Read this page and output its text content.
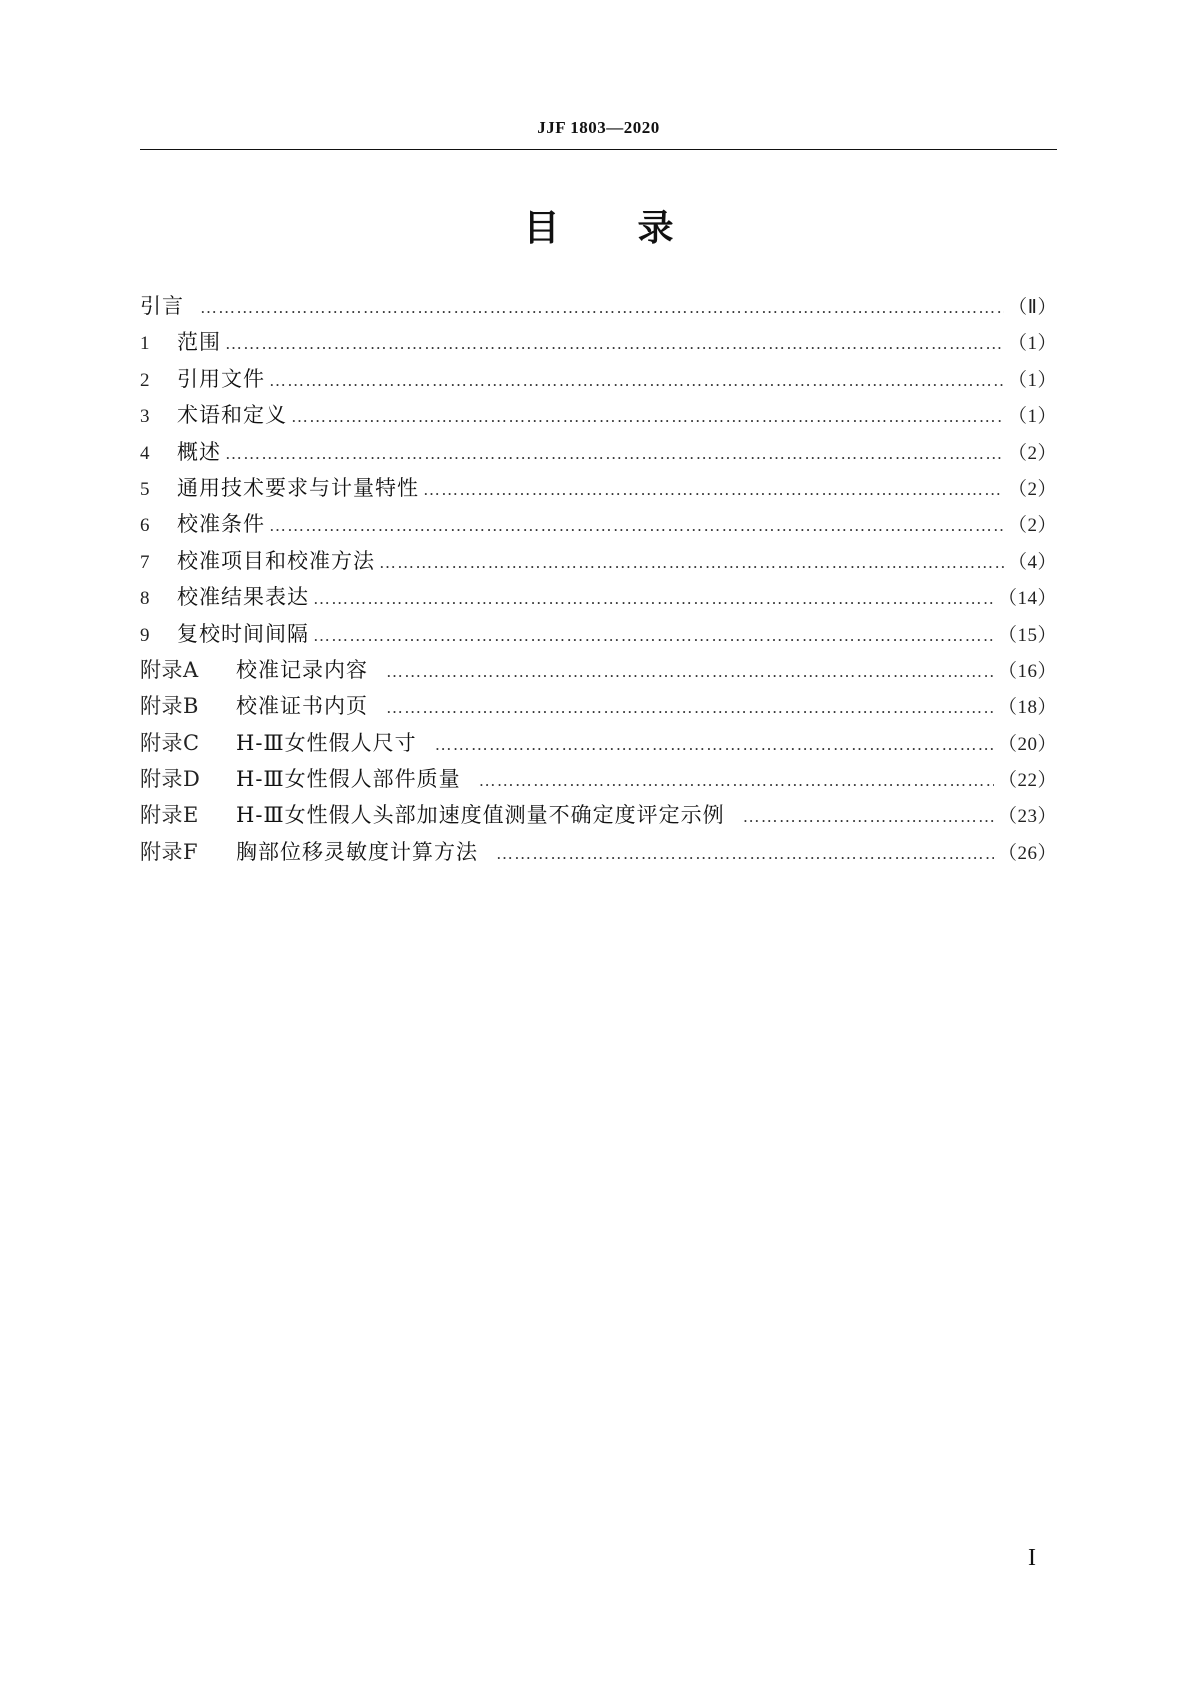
JJF 1803—2020
目录
引言 …………………………………………………………………………………………………………………………………………………………………………………………	（Ⅱ）
1	范围 …………………………………………………………………………………………………………………………………………………………………………………………	（1）
2	引用文件 …………………………………………………………………………………………………………………………………………………………………………………………	（1）
3	术语和定义 …………………………………………………………………………………………………………………………………………………………………………………………	（1）
4	概述 …………………………………………………………………………………………………………………………………………………………………………………………	（2）
5	通用技术要求与计量特性 …………………………………………………………………………………………………………………………………………………………………………………………	（2）
6	校准条件 …………………………………………………………………………………………………………………………………………………………………………………………	（2）
7	校准项目和校准方法 …………………………………………………………………………………………………………………………………………………………………………………………	（4）
8	校准结果表达 …………………………………………………………………………………………………………………………………………………………………………………………	（14）
9	复校时间间隔 …………………………………………………………………………………………………………………………………………………………………………………………	（15）
附录A	校准记录内容 …………………………………………………………………………………………………………………………………………………………………………………………	（16）
附录B	校准证书内页 …………………………………………………………………………………………………………………………………………………………………………………………	（18）
附录C	H-Ⅲ女性假人尺寸 …………………………………………………………………………………………………………………………………………………………………………………………	（20）
附录D	H-Ⅲ女性假人部件质量 …………………………………………………………………………………………………………………………………………………………………………………………	（22）
附录E	H-Ⅲ女性假人头部加速度值测量不确定度评定示例 …………………………………………………………………………………………………………………………………………………………………………………………	（23）
附录F	胸部位移灵敏度计算方法 …………………………………………………………………………………………………………………………………………………………………………………………	（26）
I
